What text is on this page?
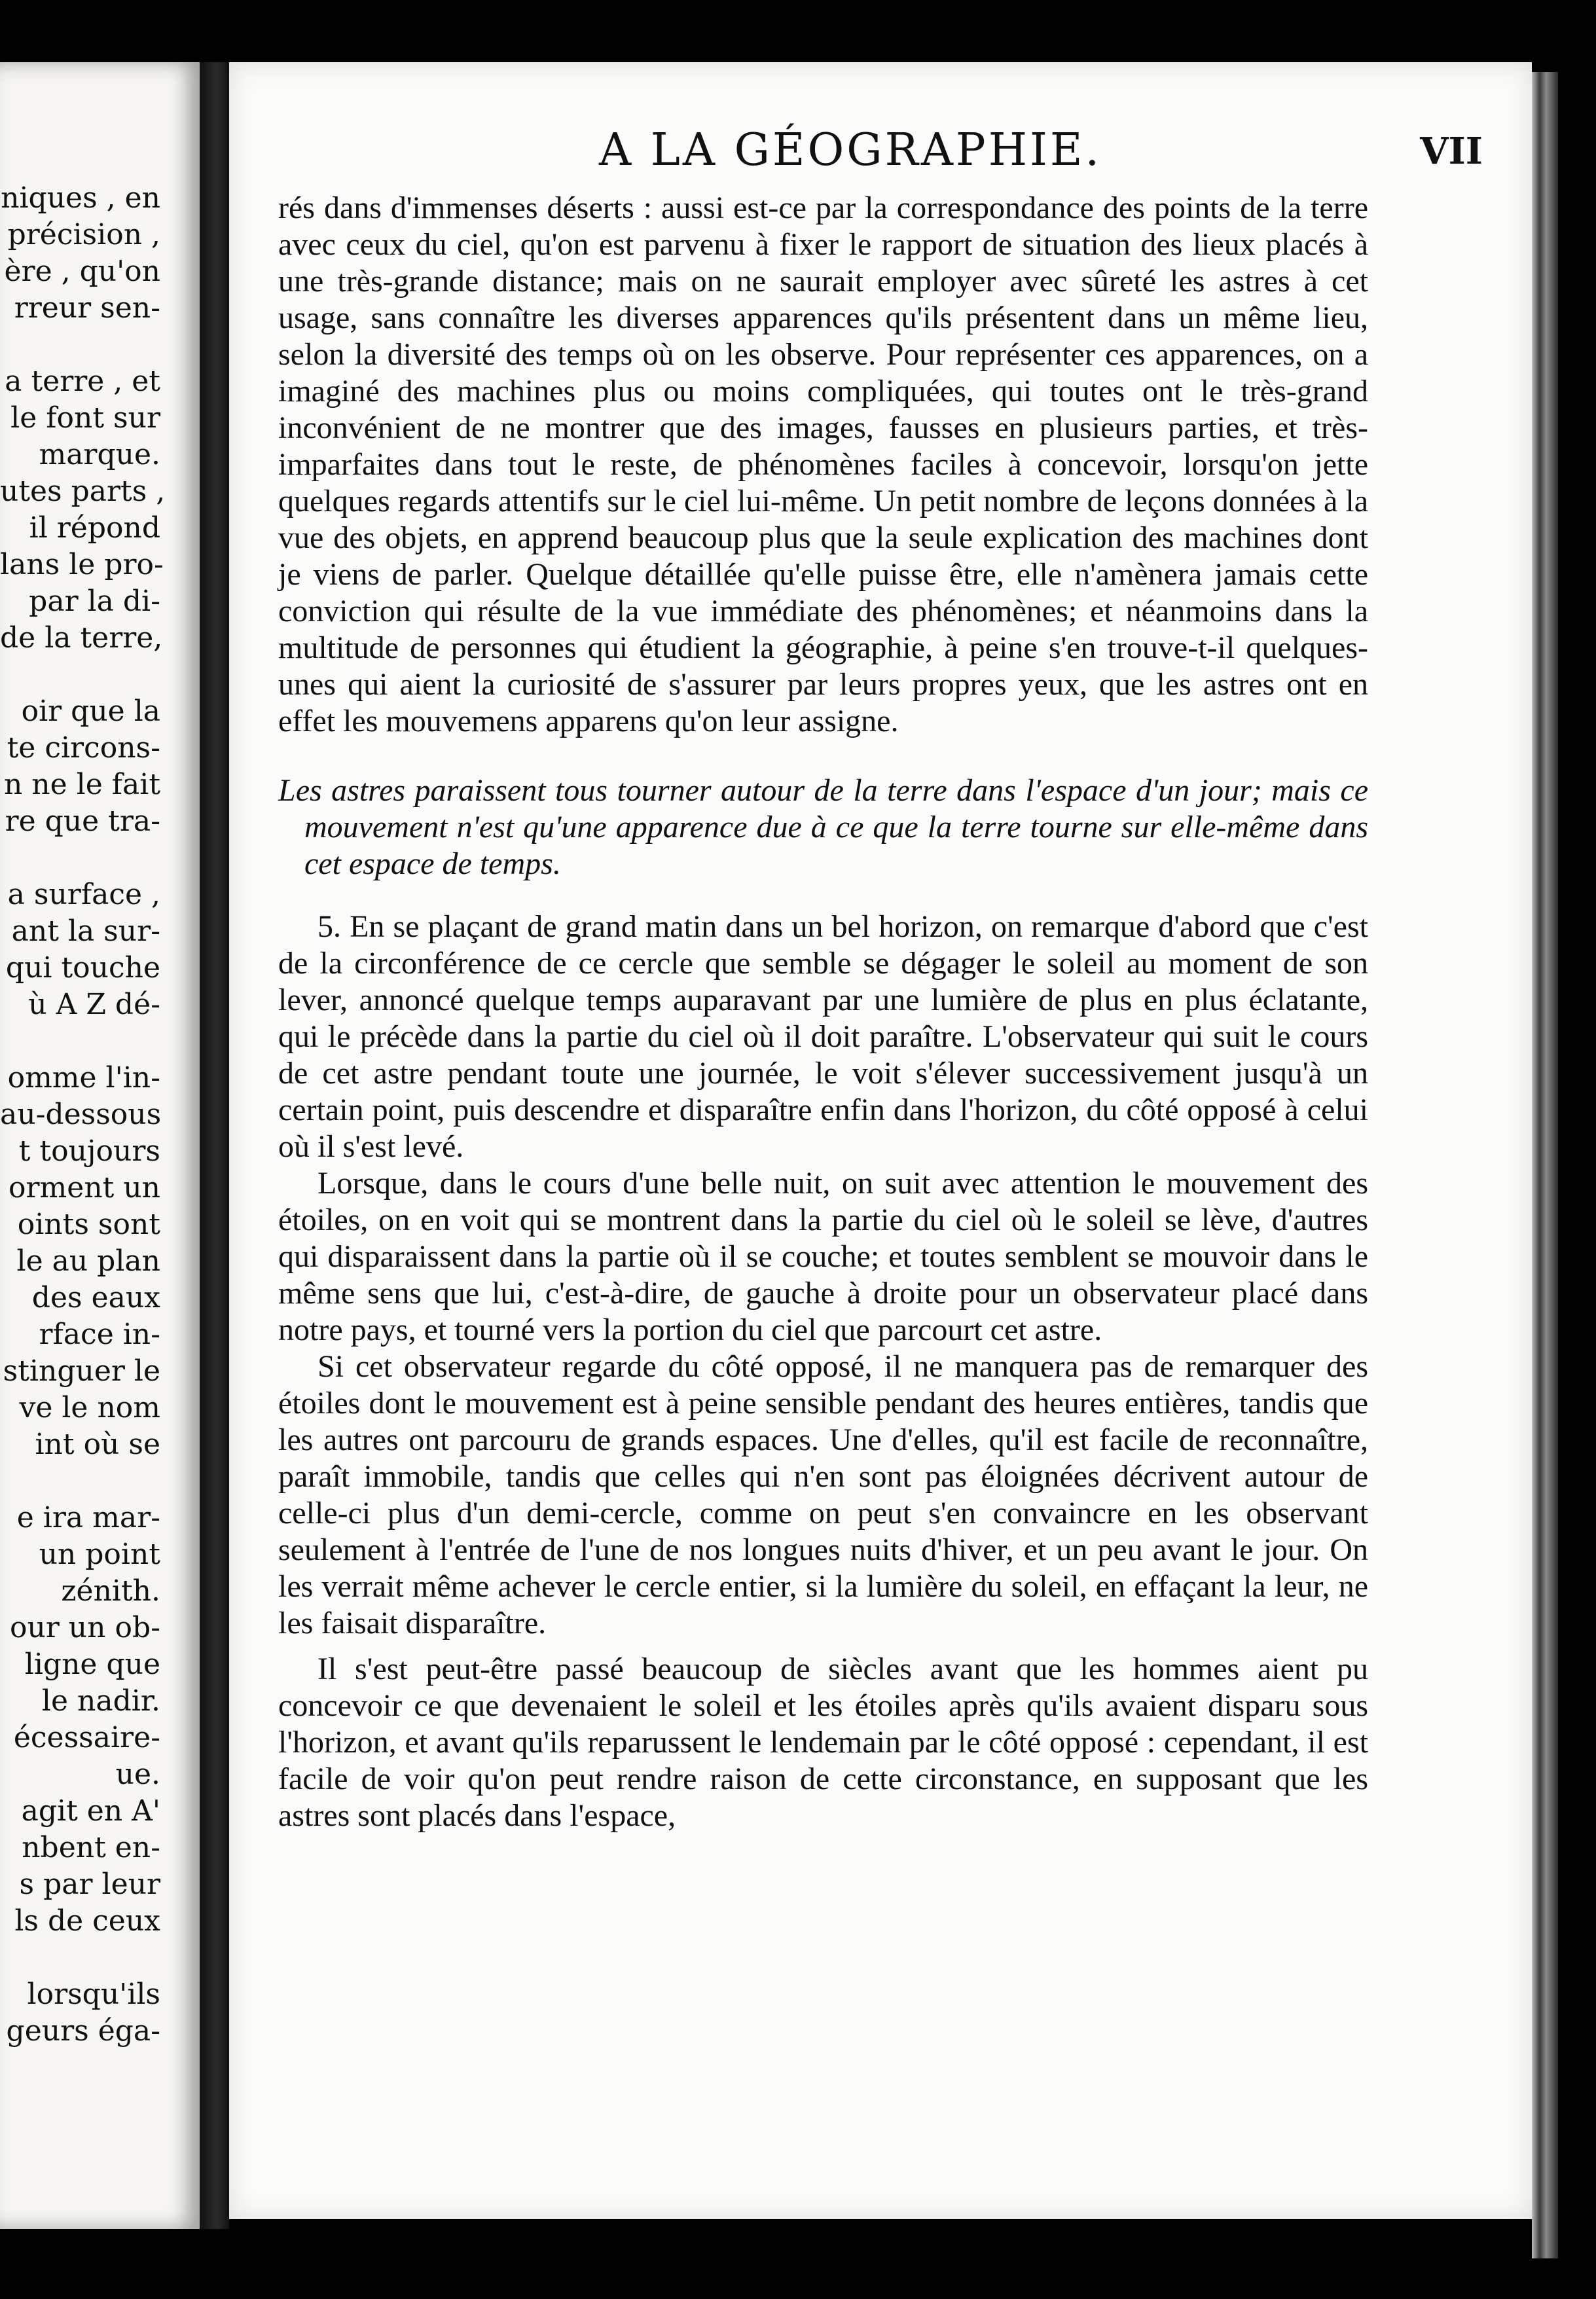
niques , en
précision ,
ère , qu'on
rreur sen-
a terre , et
le font sur
marque.
utes parts ,
il répond
lans le pro-
par la di-
de la terre,
oir que la
te circons-
n ne le fait
re que tra-
a surface ,
ant la sur-
qui touche
ù A Z dé-
omme l'in-
au-dessous
t toujours
orment un
oints sont
le au plan
des eaux
rface in-
stinguer le
ve le nom
int où se
e ira mar-
un point
zénith.
our un ob-
ligne que
le nadir.
écessaire-
ue.
agit en A'
nbent en-
s par leur
ls de ceux
lorsqu'ils
geurs éga-
A LA GÉOGRAPHIE.	VII

rés dans d'immenses déserts : aussi est-ce par la correspondance des points de la terre avec ceux du ciel, qu'on est parvenu à fixer le rapport de situation des lieux placés à une très-grande distance; mais on ne saurait employer avec sûreté les astres à cet usage, sans connaître les diverses apparences qu'ils présentent dans un même lieu, selon la diversité des temps où on les observe. Pour représenter ces apparences, on a imaginé des machines plus ou moins compliquées, qui toutes ont le très-grand inconvénient de ne montrer que des images, fausses en plusieurs parties, et très-imparfaites dans tout le reste, de phénomènes faciles à concevoir, lorsqu'on jette quelques regards attentifs sur le ciel lui-même. Un petit nombre de leçons données à la vue des objets, en apprend beaucoup plus que la seule explication des machines dont je viens de parler. Quelque détaillée qu'elle puisse être, elle n'amènera jamais cette conviction qui résulte de la vue immédiate des phénomènes; et néanmoins dans la multitude de personnes qui étudient la géographie, à peine s'en trouve-t-il quelques-unes qui aient la curiosité de s'assurer par leurs propres yeux, que les astres ont en effet les mouvemens apparens qu'on leur assigne.

Les astres paraissent tous tourner autour de la terre dans l'espace d'un jour; mais ce mouvement n'est qu'une apparence due à ce que la terre tourne sur elle-même dans cet espace de temps.

5. En se plaçant de grand matin dans un bel horizon, on remarque d'abord que c'est de la circonférence de ce cercle que semble se dégager le soleil au moment de son lever, annoncé quelque temps auparavant par une lumière de plus en plus éclatante, qui le précède dans la partie du ciel où il doit paraître. L'observateur qui suit le cours de cet astre pendant toute une journée, le voit s'élever successivement jusqu'à un certain point, puis descendre et disparaître enfin dans l'horizon, du côté opposé à celui où il s'est levé.

Lorsque, dans le cours d'une belle nuit, on suit avec attention le mouvement des étoiles, on en voit qui se montrent dans la partie du ciel où le soleil se lève, d'autres qui disparaissent dans la partie où il se couche; et toutes semblent se mouvoir dans le même sens que lui, c'est-à-dire, de gauche à droite pour un observateur placé dans notre pays, et tourné vers la portion du ciel que parcourt cet astre.

Si cet observateur regarde du côté opposé, il ne manquera pas de remarquer des étoiles dont le mouvement est à peine sensible pendant des heures entières, tandis que les autres ont parcouru de grands espaces. Une d'elles, qu'il est facile de reconnaître, paraît immobile, tandis que celles qui n'en sont pas éloignées décrivent autour de celle-ci plus d'un demi-cercle, comme on peut s'en convaincre en les observant seulement à l'entrée de l'une de nos longues nuits d'hiver, et un peu avant le jour. On les verrait même achever le cercle entier, si la lumière du soleil, en effaçant la leur, ne les faisait disparaître.

Il s'est peut-être passé beaucoup de siècles avant que les hommes aient pu concevoir ce que devenaient le soleil et les étoiles après qu'ils avaient disparu sous l'horizon, et avant qu'ils reparussent le lendemain par le côté opposé : cependant, il est facile de voir qu'on peut rendre raison de cette circonstance, en supposant que les astres sont placés dans l'espace,
